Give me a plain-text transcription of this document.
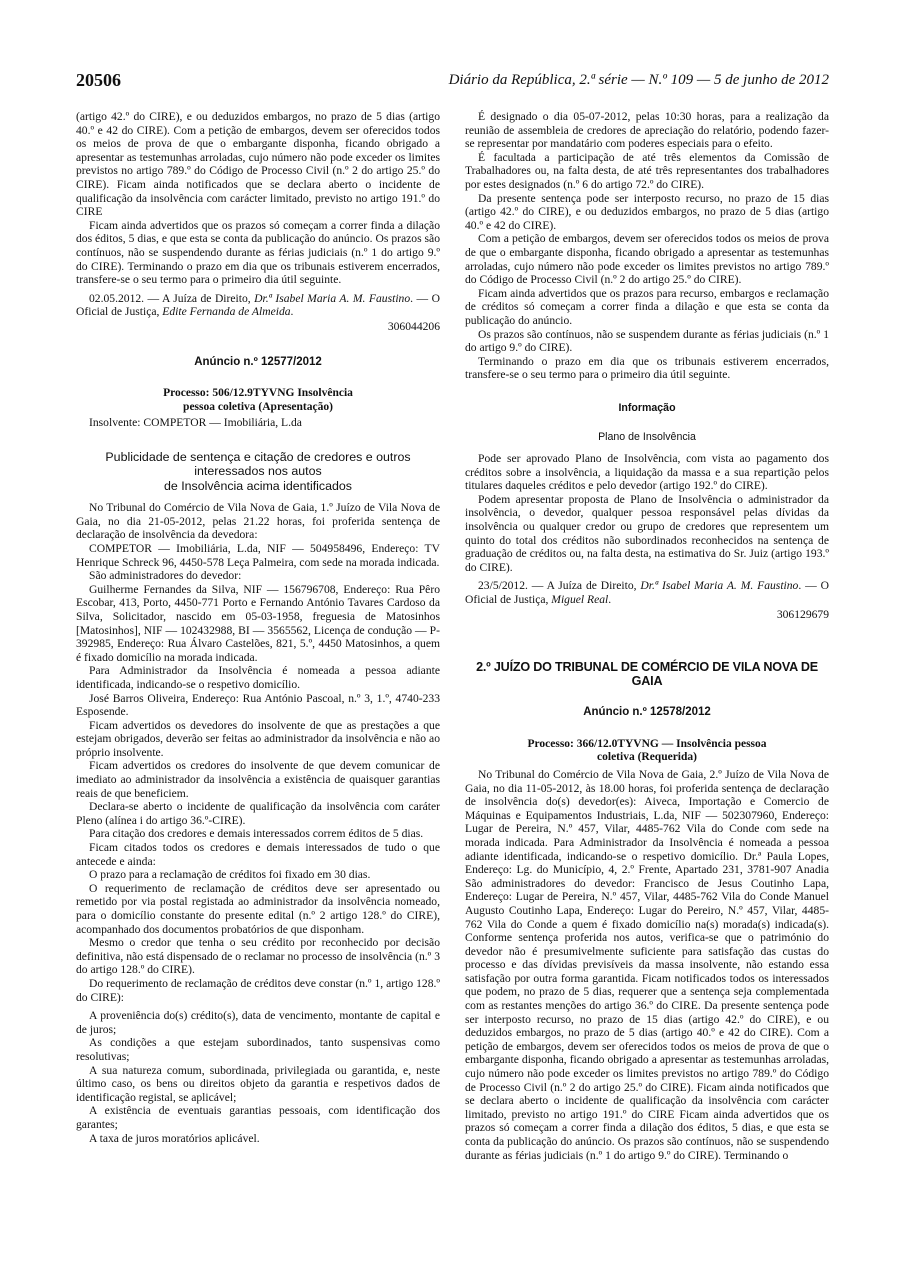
20506	Diário da República, 2.ª série — N.º 109 — 5 de junho de 2012

(artigo 42.º do CIRE), e ou deduzidos embargos, no prazo de 5 dias (artigo 40.º e 42 do CIRE). Com a petição de embargos, devem ser oferecidos todos os meios de prova de que o embargante disponha, ficando obrigado a apresentar as testemunhas arroladas, cujo número não pode exceder os limites previstos no artigo 789.º do Código de Processo Civil (n.º 2 do artigo 25.º do CIRE). Ficam ainda notificados que se declara aberto o incidente de qualificação da insolvência com carácter limitado, previsto no artigo 191.º do CIRE

Ficam ainda advertidos que os prazos só começam a correr finda a dilação dos éditos, 5 dias, e que esta se conta da publicação do anúncio. Os prazos são contínuos, não se suspendendo durante as férias judiciais (n.º 1 do artigo 9.º do CIRE). Terminando o prazo em dia que os tribunais estiverem encerrados, transfere-se o seu termo para o primeiro dia útil seguinte.

02.05.2012. — A Juíza de Direito, Dr.ª Isabel Maria A. M. Faustino. — O Oficial de Justiça, Edite Fernanda de Almeida.

306044206
Anúncio n.º 12577/2012
Processo: 506/12.9TYVNG Insolvência
pessoa coletiva (Apresentação)

Insolvente: COMPETOR — Imobiliária, L.da

Publicidade de sentença e citação de credores e outros
interessados nos autos
de Insolvência acima identificados

No Tribunal do Comércio de Vila Nova de Gaia, 1.º Juízo de Vila Nova de Gaia, no dia 21-05-2012, pelas 21.22 horas, foi proferida sentença de declaração de insolvência da devedora:

COMPETOR — Imobiliária, L.da, NIF — 504958496, Endereço: TV Henrique Schreck 96, 4450-578 Leça Palmeira, com sede na morada indicada.

São administradores do devedor:

Guilherme Fernandes da Silva, NIF — 156796708, Endereço: Rua Pêro Escobar, 413, Porto, 4450-771 Porto e Fernando António Tavares Cardoso da Silva, Solicitador, nascido em 05-03-1958, freguesia de Matosinhos [Matosinhos], NIF — 102432988, BI — 3565562, Licença de condução — P-392985, Endereço: Rua Álvaro Castelões, 821, 5.º, 4450 Matosinhos, a quem é fixado domicílio na morada indicada.

Para Administrador da Insolvência é nomeada a pessoa adiante identificada, indicando-se o respetivo domicílio.

José Barros Oliveira, Endereço: Rua António Pascoal, n.º 3, 1.º, 4740-233 Esposende.

Ficam advertidos os devedores do insolvente de que as prestações a que estejam obrigados, deverão ser feitas ao administrador da insolvência e não ao próprio insolvente.

Ficam advertidos os credores do insolvente de que devem comunicar de imediato ao administrador da insolvência a existência de quaisquer garantias reais de que beneficiem.

Declara-se aberto o incidente de qualificação da insolvência com caráter Pleno (alínea i do artigo 36.º-CIRE).

Para citação dos credores e demais interessados correm éditos de 5 dias.

Ficam citados todos os credores e demais interessados de tudo o que antecede e ainda:

O prazo para a reclamação de créditos foi fixado em 30 dias.

O requerimento de reclamação de créditos deve ser apresentado ou remetido por via postal registada ao administrador da insolvência nomeado, para o domicílio constante do presente edital (n.º 2 artigo 128.º do CIRE), acompanhado dos documentos probatórios de que disponham.

Mesmo o credor que tenha o seu crédito por reconhecido por decisão definitiva, não está dispensado de o reclamar no processo de insolvência (n.º 3 do artigo 128.º do CIRE).

Do requerimento de reclamação de créditos deve constar (n.º 1, artigo 128.º do CIRE):

A proveniência do(s) crédito(s), data de vencimento, montante de capital e de juros;

As condições a que estejam subordinados, tanto suspensivas como resolutivas;

A sua natureza comum, subordinada, privilegiada ou garantida, e, neste último caso, os bens ou direitos objeto da garantia e respetivos dados de identificação registal, se aplicável;

A existência de eventuais garantias pessoais, com identificação dos garantes;

A taxa de juros moratórios aplicável.

É designado o dia 05-07-2012, pelas 10:30 horas, para a realização da reunião de assembleia de credores de apreciação do relatório, podendo fazer-se representar por mandatário com poderes especiais para o efeito.

É facultada a participação de até três elementos da Comissão de Trabalhadores ou, na falta desta, de até três representantes dos trabalhadores por estes designados (n.º 6 do artigo 72.º do CIRE).

Da presente sentença pode ser interposto recurso, no prazo de 15 dias (artigo 42.º do CIRE), e ou deduzidos embargos, no prazo de 5 dias (artigo 40.º e 42 do CIRE).

Com a petição de embargos, devem ser oferecidos todos os meios de prova de que o embargante disponha, ficando obrigado a apresentar as testemunhas arroladas, cujo número não pode exceder os limites previstos no artigo 789.º do Código de Processo Civil (n.º 2 do artigo 25.º do CIRE).

Ficam ainda advertidos que os prazos para recurso, embargos e reclamação de créditos só começam a correr finda a dilação e que esta se conta da publicação do anúncio.

Os prazos são contínuos, não se suspendem durante as férias judiciais (n.º 1 do artigo 9.º do CIRE).

Terminando o prazo em dia que os tribunais estiverem encerrados, transfere-se o seu termo para o primeiro dia útil seguinte.

Informação
Plano de Insolvência

Pode ser aprovado Plano de Insolvência, com vista ao pagamento dos créditos sobre a insolvência, a liquidação da massa e a sua repartição pelos titulares daqueles créditos e pelo devedor (artigo 192.º do CIRE).

Podem apresentar proposta de Plano de Insolvência o administrador da insolvência, o devedor, qualquer pessoa responsável pelas dívidas da insolvência ou qualquer credor ou grupo de credores que representem um quinto do total dos créditos não subordinados reconhecidos na sentença de graduação de créditos ou, na falta desta, na estimativa do Sr. Juiz (artigo 193.º do CIRE).

23/5/2012. — A Juíza de Direito, Dr.ª Isabel Maria A. M. Faustino. — O Oficial de Justiça, Miguel Real.

306129679
2.º JUÍZO DO TRIBUNAL DE COMÉRCIO DE VILA NOVA DE GAIA
Anúncio n.º 12578/2012
Processo: 366/12.0TYVNG — Insolvência pessoa
coletiva (Requerida)

No Tribunal do Comércio de Vila Nova de Gaia, 2.º Juízo de Vila Nova de Gaia, no dia 11-05-2012, às 18.00 horas, foi proferida sentença de declaração de insolvência do(s) devedor(es): Aiveca, Importação e Comercio de Máquinas e Equipamentos Industriais, L.da, NIF — 502307960, Endereço: Lugar de Pereira, N.º 457, Vilar, 4485-762 Vila do Conde com sede na morada indicada. Para Administrador da Insolvência é nomeada a pessoa adiante identificada, indicando-se o respetivo domicílio. Dr.ª Paula Lopes, Endereço: Lg. do Município, 4, 2.º Frente, Apartado 231, 3781-907 Anadia São administradores do devedor: Francisco de Jesus Coutinho Lapa, Endereço: Lugar de Pereira, N.º 457, Vilar, 4485-762 Vila do Conde Manuel Augusto Coutinho Lapa, Endereço: Lugar do Pereiro, N.º 457, Vilar, 4485-762 Vila do Conde a quem é fixado domicílio na(s) morada(s) indicada(s). Conforme sentença proferida nos autos, verifica-se que o património do devedor não é presumivelmente suficiente para satisfação das custas do processo e das dívidas previsíveis da massa insolvente, não estando essa satisfação por outra forma garantida. Ficam notificados todos os interessados que podem, no prazo de 5 dias, requerer que a sentença seja complementada com as restantes menções do artigo 36.º do CIRE. Da presente sentença pode ser interposto recurso, no prazo de 15 dias (artigo 42.º do CIRE), e ou deduzidos embargos, no prazo de 5 dias (artigo 40.º e 42 do CIRE). Com a petição de embargos, devem ser oferecidos todos os meios de prova de que o embargante disponha, ficando obrigado a apresentar as testemunhas arroladas, cujo número não pode exceder os limites previstos no artigo 789.º do Código de Processo Civil (n.º 2 do artigo 25.º do CIRE). Ficam ainda notificados que se declara aberto o incidente de qualificação da insolvência com carácter limitado, previsto no artigo 191.º do CIRE Ficam ainda advertidos que os prazos só começam a correr finda a dilação dos éditos, 5 dias, e que esta se conta da publicação do anúncio. Os prazos são contínuos, não se suspendendo durante as férias judiciais (n.º 1 do artigo 9.º do CIRE). Terminando o
